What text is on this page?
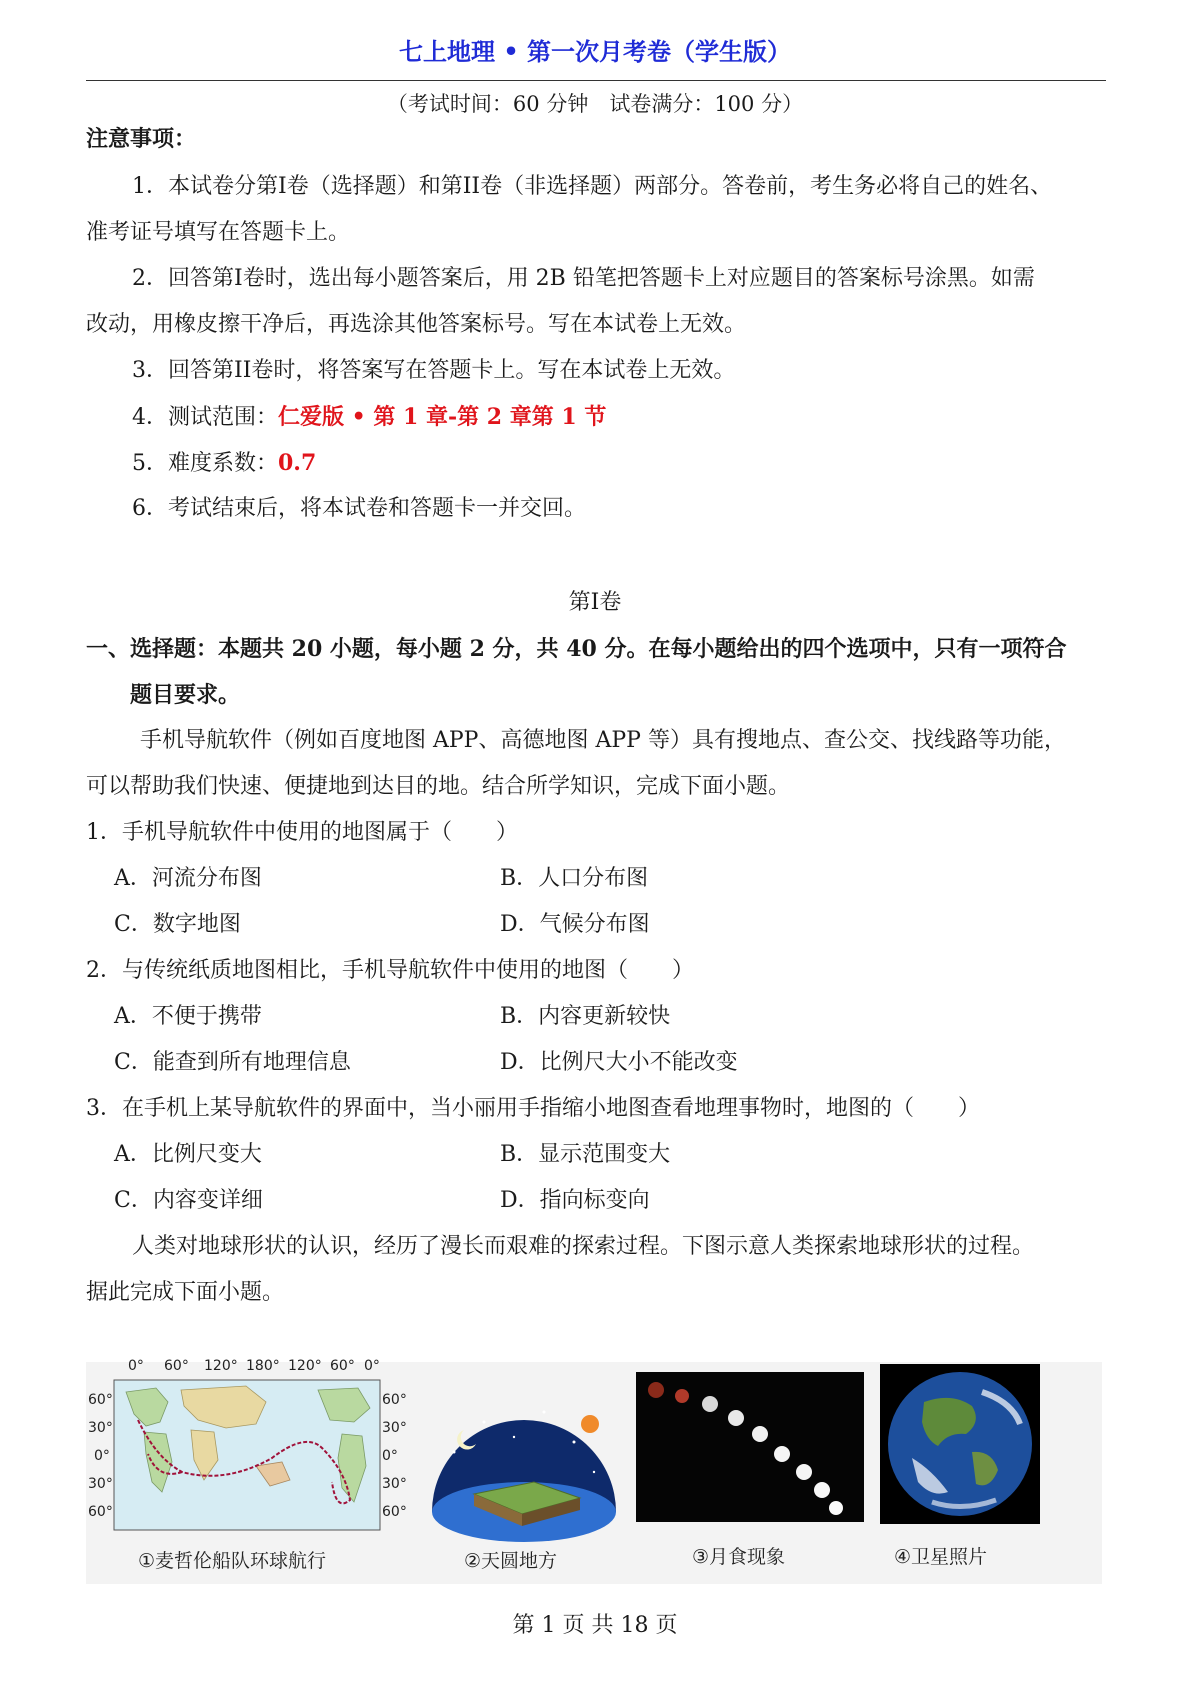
七上地理 • 第一次月考卷（学生版）
（考试时间：60 分钟　试卷满分：100 分）
注意事项：
1．本试卷分第I卷（选择题）和第II卷（非选择题）两部分。答卷前，考生务必将自己的姓名、
准考证号填写在答题卡上。
2．回答第I卷时，选出每小题答案后，用 2B 铅笔把答题卡上对应题目的答案标号涂黑。如需
改动，用橡皮擦干净后，再选涂其他答案标号。写在本试卷上无效。
3．回答第II卷时，将答案写在答题卡上。写在本试卷上无效。
4．测试范围：仁爱版 • 第 1 章-第 2 章第 1 节
5．难度系数：0.7
6．考试结束后，将本试卷和答题卡一并交回。
第I卷
一、选择题：本题共 20 小题，每小题 2 分，共 40 分。在每小题给出的四个选项中，只有一项符合
题目要求。
手机导航软件（例如百度地图 APP、高德地图 APP 等）具有搜地点、查公交、找线路等功能，
可以帮助我们快速、便捷地到达目的地。结合所学知识，完成下面小题。
1．手机导航软件中使用的地图属于（　　）
A．河流分布图	B．人口分布图
C．数字地图	D．气候分布图
2．与传统纸质地图相比，手机导航软件中使用的地图（　　）
A．不便于携带	B．内容更新较快
C．能查到所有地理信息	D．比例尺大小不能改变
3．在手机上某导航软件的界面中，当小丽用手指缩小地图查看地理事物时，地图的（　　）
A．比例尺变大	B．显示范围变大
C．内容变详细	D．指向标变向
人类对地球形状的认识，经历了漫长而艰难的探索过程。下图示意人类探索地球形状的过程。
据此完成下面小题。
0° 60° 120° 180° 120° 60° 0°
60°
30°
0°
30°
60°
60°
30°
0°
30°
60°
①麦哲伦船队环球航行	②天圆地方	③月食现象	④卫星照片
第 1 页 共 18 页
